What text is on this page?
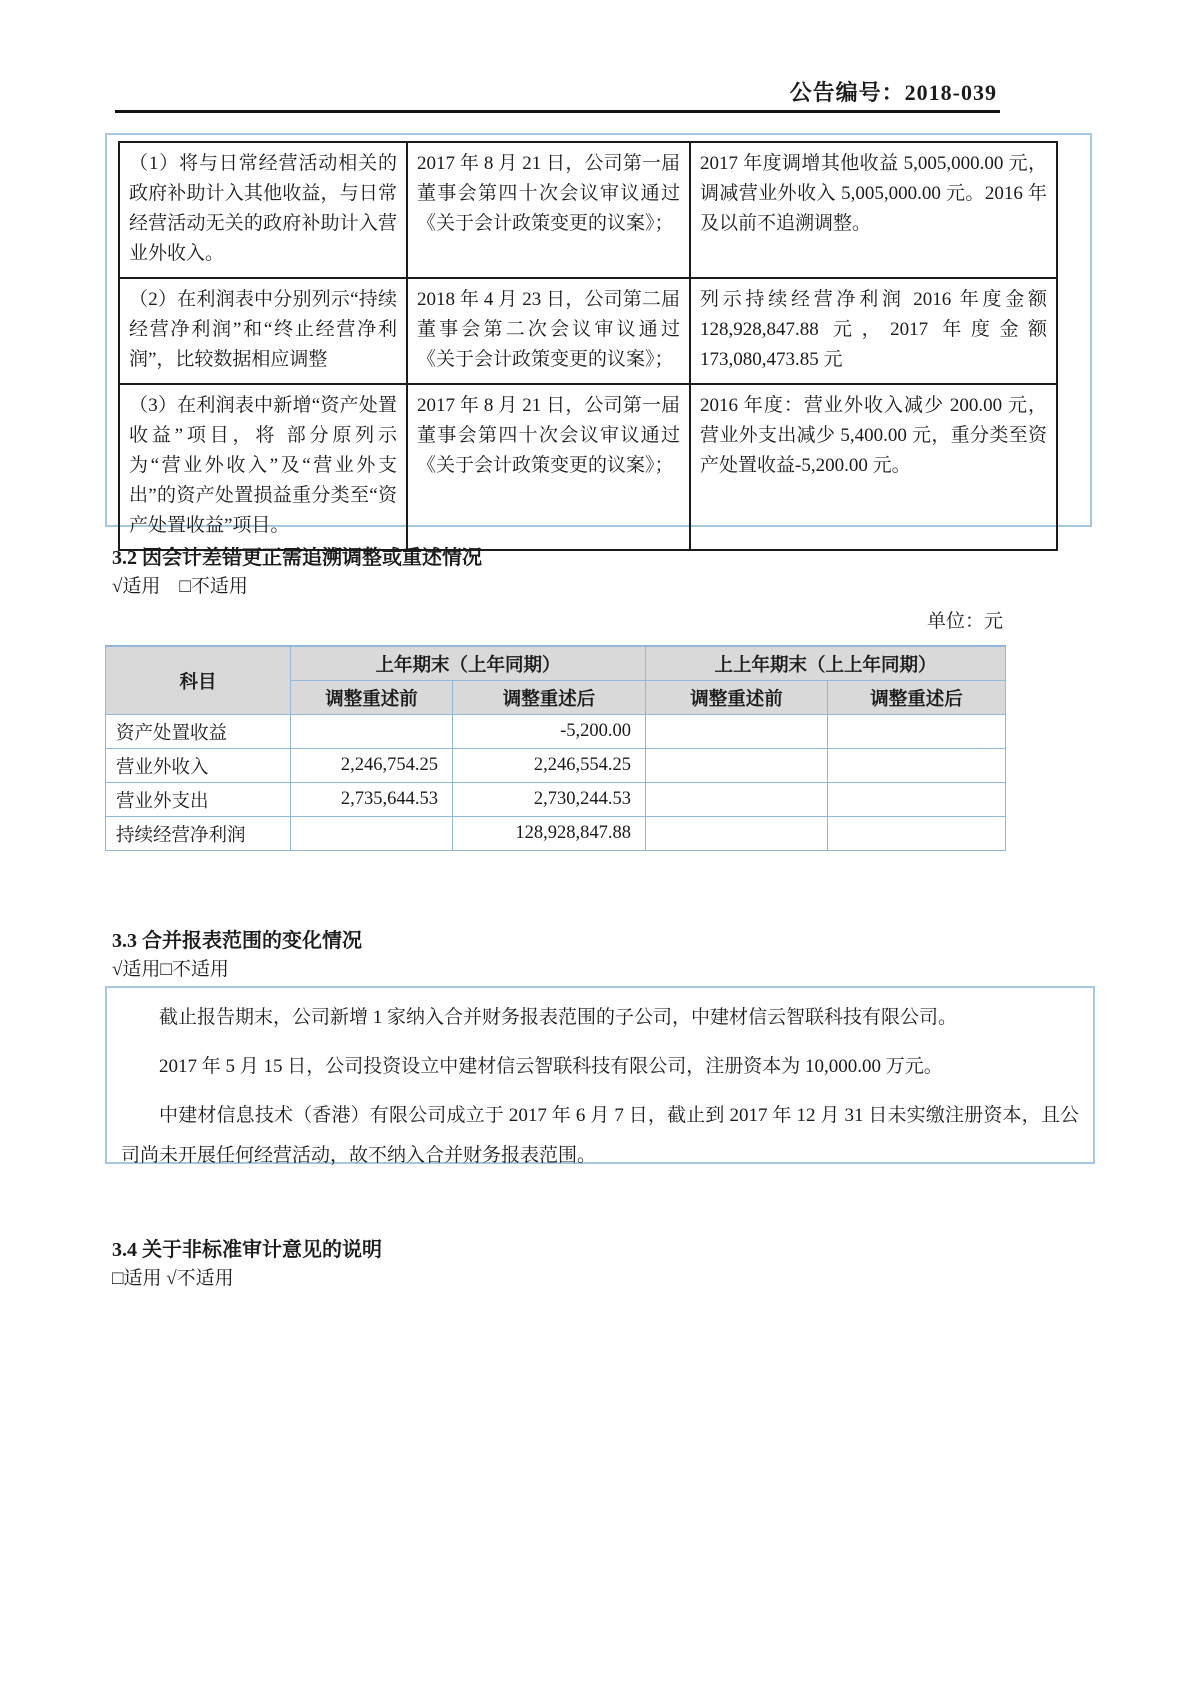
公告编号：2018-039
（1）将与日常经营活动相关的政府补助计入其他收益，与日常经营活动无关的政府补助计入营业外收入。	2017 年 8 月 21 日，公司第一届董事会第四十次会议审议通过《关于会计政策变更的议案》；	2017 年度调增其他收益 5,005,000.00 元，调减营业外收入 5,005,000.00 元。2016 年及以前不追溯调整。
（2）在利润表中分别列示“持续经营净利润”和“终止经营净利润”，比较数据相应调整	2018 年 4 月 23 日，公司第二届董事会第二次会议审议通过《关于会计政策变更的议案》；	列示持续经营净利润 2016 年度金额 128,928,847.88 元，2017 年度金额 173,080,473.85 元
（3）在利润表中新增“资产处置收益”项目，将 部分原列示为“营业外收入”及“营业外支出”的资产处置损益重分类至“资产处置收益”项目。	2017 年 8 月 21 日，公司第一届董事会第四十次会议审议通过《关于会计政策变更的议案》；	2016 年度：营业外收入减少 200.00 元，营业外支出减少 5,400.00 元，重分类至资产处置收益-5,200.00 元。
3.2 因会计差错更正需追溯调整或重述情况
√适用　□不适用
单位：元
科目	上年期末（上年同期）		上上年期末（上上年同期）	
	调整重述前	调整重述后	调整重述前	调整重述后
资产处置收益		-5,200.00		
营业外收入	2,246,754.25	2,246,554.25		
营业外支出	2,735,644.53	2,730,244.53		
持续经营净利润		128,928,847.88		
3.3 合并报表范围的变化情况
√适用□不适用

截止报告期末，公司新增 1 家纳入合并财务报表范围的子公司，中建材信云智联科技有限公司。

2017 年 5 月 15 日，公司投资设立中建材信云智联科技有限公司，注册资本为 10,000.00 万元。

中建材信息技术（香港）有限公司成立于 2017 年 6 月 7 日，截止到 2017 年 12 月 31 日未实缴注册资本，且公司尚未开展任何经营活动，故不纳入合并财务报表范围。

3.4 关于非标准审计意见的说明
□适用 √不适用
